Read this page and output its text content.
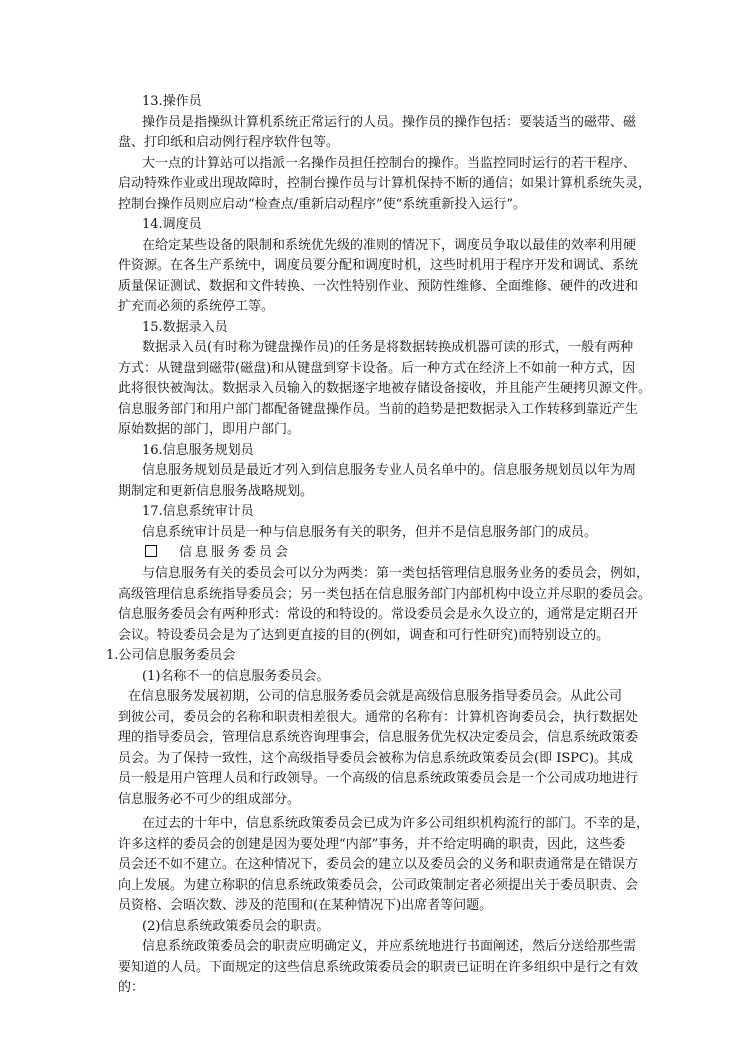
13.操作员
操作员是指操纵计算机系统正常运行的人员。操作员的操作包括：要装适当的磁带、磁
盘、打印纸和启动例行程序软件包等。
大一点的计算站可以指派一名操作员担任控制台的操作。当监控同时运行的若干程序、
启动特殊作业或出现故障时，控制台操作员与计算机保持不断的通信；如果计算机系统失灵，
控制台操作员则应启动“检查点/重新启动程序”使“系统重新投入运行”。
14.调度员
在给定某些设备的限制和系统优先级的准则的情况下，调度员争取以最佳的效率利用硬
件资源。在各生产系统中，调度员要分配和调度时机，这些时机用于程序开发和调试、系统
质量保证测试、数据和文件转换、一次性特别作业、预防性维修、全面维修、硬件的改进和
扩充而必须的系统停工等。
15.数据录入员
数据录入员(有时称为键盘操作员)的任务是将数据转换成机器可读的形式，一般有两种
方式：从键盘到磁带(磁盘)和从键盘到穿卡设备。后一种方式在经济上不如前一种方式，因
此将很快被淘汰。数据录入员输入的数据逐字地被存储设备接收，并且能产生硬拷贝源文件。
信息服务部门和用户部门都配备键盘操作员。当前的趋势是把数据录入工作转移到靠近产生
原始数据的部门，即用户部门。
16.信息服务规划员
信息服务规划员是最近才列入到信息服务专业人员名单中的。信息服务规划员以年为周
期制定和更新信息服务战略规划。
17.信息系统审计员
信息系统审计员是一种与信息服务有关的职务，但并不是信息服务部门的成员。
信息服务委员会
与信息服务有关的委员会可以分为两类：第一类包括管理信息服务业务的委员会，例如，
高级管理信息系统指导委员会；另一类包括在信息服务部门内部机构中设立并尽职的委员会。
信息服务委员会有两种形式：常设的和特设的。常设委员会是永久设立的，通常是定期召开
会议。特设委员会是为了达到更直接的目的(例如，调查和可行性研究)而特别设立的。
1.公司信息服务委员会
(1)名称不一的信息服务委员会。
在信息服务发展初期，公司的信息服务委员会就是高级信息服务指导委员会。从此公司
到彼公司，委员会的名称和职责相差很大。通常的名称有：计算机咨询委员会，执行数据处
理的指导委员会，管理信息系统咨询理事会，信息服务优先权决定委员会，信息系统政策委
员会。为了保持一致性，这个高级指导委员会被称为信息系统政策委员会(即 ISPC)。其成
员一般是用户管理人员和行政领导。一个高级的信息系统政策委员会是一个公司成功地进行
信息服务必不可少的组成部分。
在过去的十年中，信息系统政策委员会已成为许多公司组织机构流行的部门。不幸的是，
许多这样的委员会的创建是因为要处理“内部”事务，并不给定明确的职责，因此，这些委
员会还不如不建立。在这种情况下，委员会的建立以及委员会的义务和职责通常是在错误方
向上发展。为建立称职的信息系统政策委员会，公司政策制定者必须提出关于委员职责、会
员资格、会晤次数、涉及的范围和(在某种情况下)出席者等问题。
(2)信息系统政策委员会的职责。
信息系统政策委员会的职责应明确定义，并应系统地进行书面阐述，然后分送给那些需
要知道的人员。下面规定的这些信息系统政策委员会的职责已证明在许多组织中是行之有效
的：
